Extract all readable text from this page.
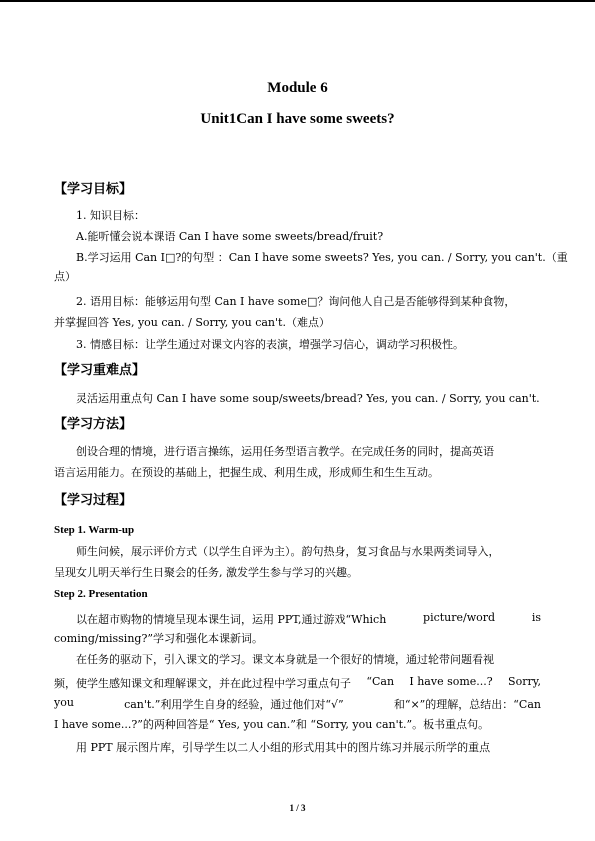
Module 6
Unit1Can I have some sweets?
【学习目标】
1. 知识目标：
A.能听懂会说本课语 Can I have some sweets/bread/fruit?
B.学习运用 Can I□?的句型 ：Can I have some sweets? Yes, you can. / Sorry, you can't.（重
点）
2. 语用目标：能够运用句型 Can I have some□？询问他人自己是否能够得到某种食物，
并掌握回答 Yes, you can. / Sorry, you can't.（难点）
3. 情感目标：让学生通过对课文内容的表演，增强学习信心，调动学习积极性。
【学习重难点】
灵活运用重点句 Can I have some soup/sweets/bread? Yes, you can. / Sorry, you can't.
【学习方法】
创设合理的情境，进行语言操练，运用任务型语言教学。在完成任务的同时，提高英语
语言运用能力。在预设的基础上，把握生成、利用生成，形成师生和生生互动。
【学习过程】
Step 1. Warm-up
师生问候，展示评价方式（以学生自评为主）。韵句热身，复习食品与水果两类词导入，
呈现女儿明天举行生日聚会的任务, 激发学生参与学习的兴趣。
Step 2. Presentation
以在超市购物的情境呈现本课生词，运用 PPT,通过游戏“Which	picture/word	is
coming/missing?”学习和强化本课新词。
在任务的驱动下，引入课文的学习。课文本身就是一个很好的情境，通过轮带问题看视
频，使学生感知课文和理解课文，并在此过程中学习重点句子 “Can I have some...? Sorry,
you	can't.”利用学生自身的经验，通过他们对“√”	和“×”的理解，总结出：“Can
I have some...?”的两种回答是“ Yes, you can.”和 “Sorry, you can't.”。板书重点句。
用 PPT 展示图片库，引导学生以二人小组的形式用其中的图片练习并展示所学的重点
1 / 3
